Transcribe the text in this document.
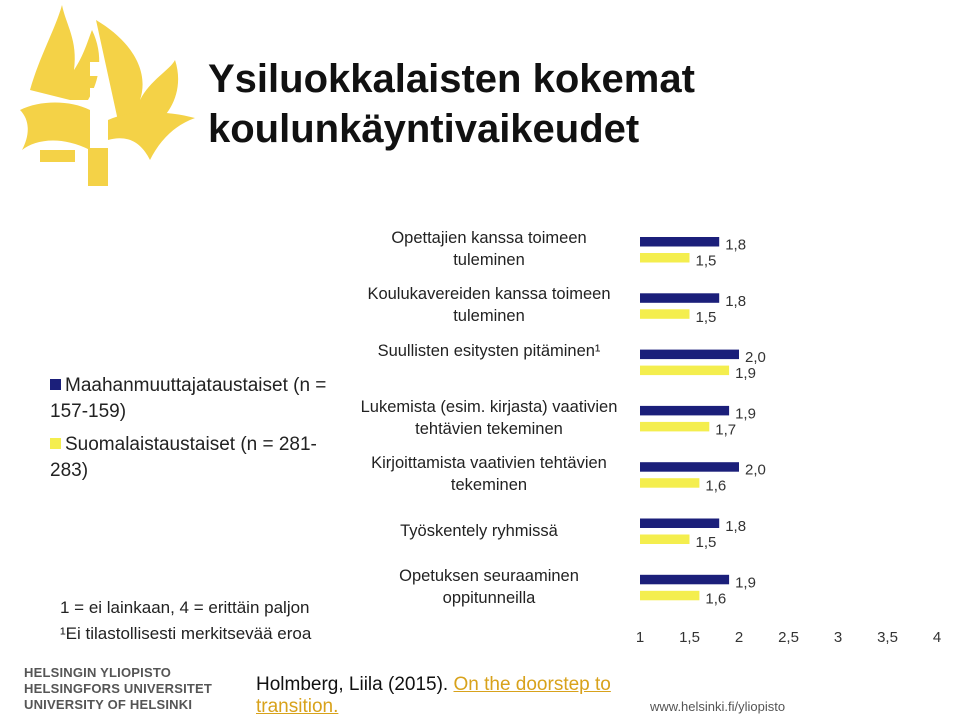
Ysiluokkalaisten kokemat
koulunkäyntivaikeudet
Maahanmuuttajataustaiset (n = 157-159)
Suomalaistaustaiset (n = 281-283)
1 = ei lainkaan, 4 = erittäin paljon
¹Ei tilastollisesti merkitsevää eroa
Opettajien kanssa toimeen tuleminen
Koulukavereiden kanssa toimeen tuleminen
Suullisten esitysten pitäminen¹
Lukemista (esim. kirjasta) vaativien tehtävien tekeminen
Kirjoittamista vaativien tehtävien tekeminen
Työskentely ryhmissä
Opetuksen seuraaminen oppitunneilla
1,8
1,5
1,8
1,5
2,0
1,9
1,9
1,7
2,0
1,6
1,8
1,5
1,9
1,6
1 1,5 2 2,5 3 3,5 4
HELSINGIN YLIOPISTO
HELSINGFORS UNIVERSITET
UNIVERSITY OF HELSINKI
Holmberg, Liila (2015). On the doorstep to transition.	www.helsinki.fi/yliopisto
